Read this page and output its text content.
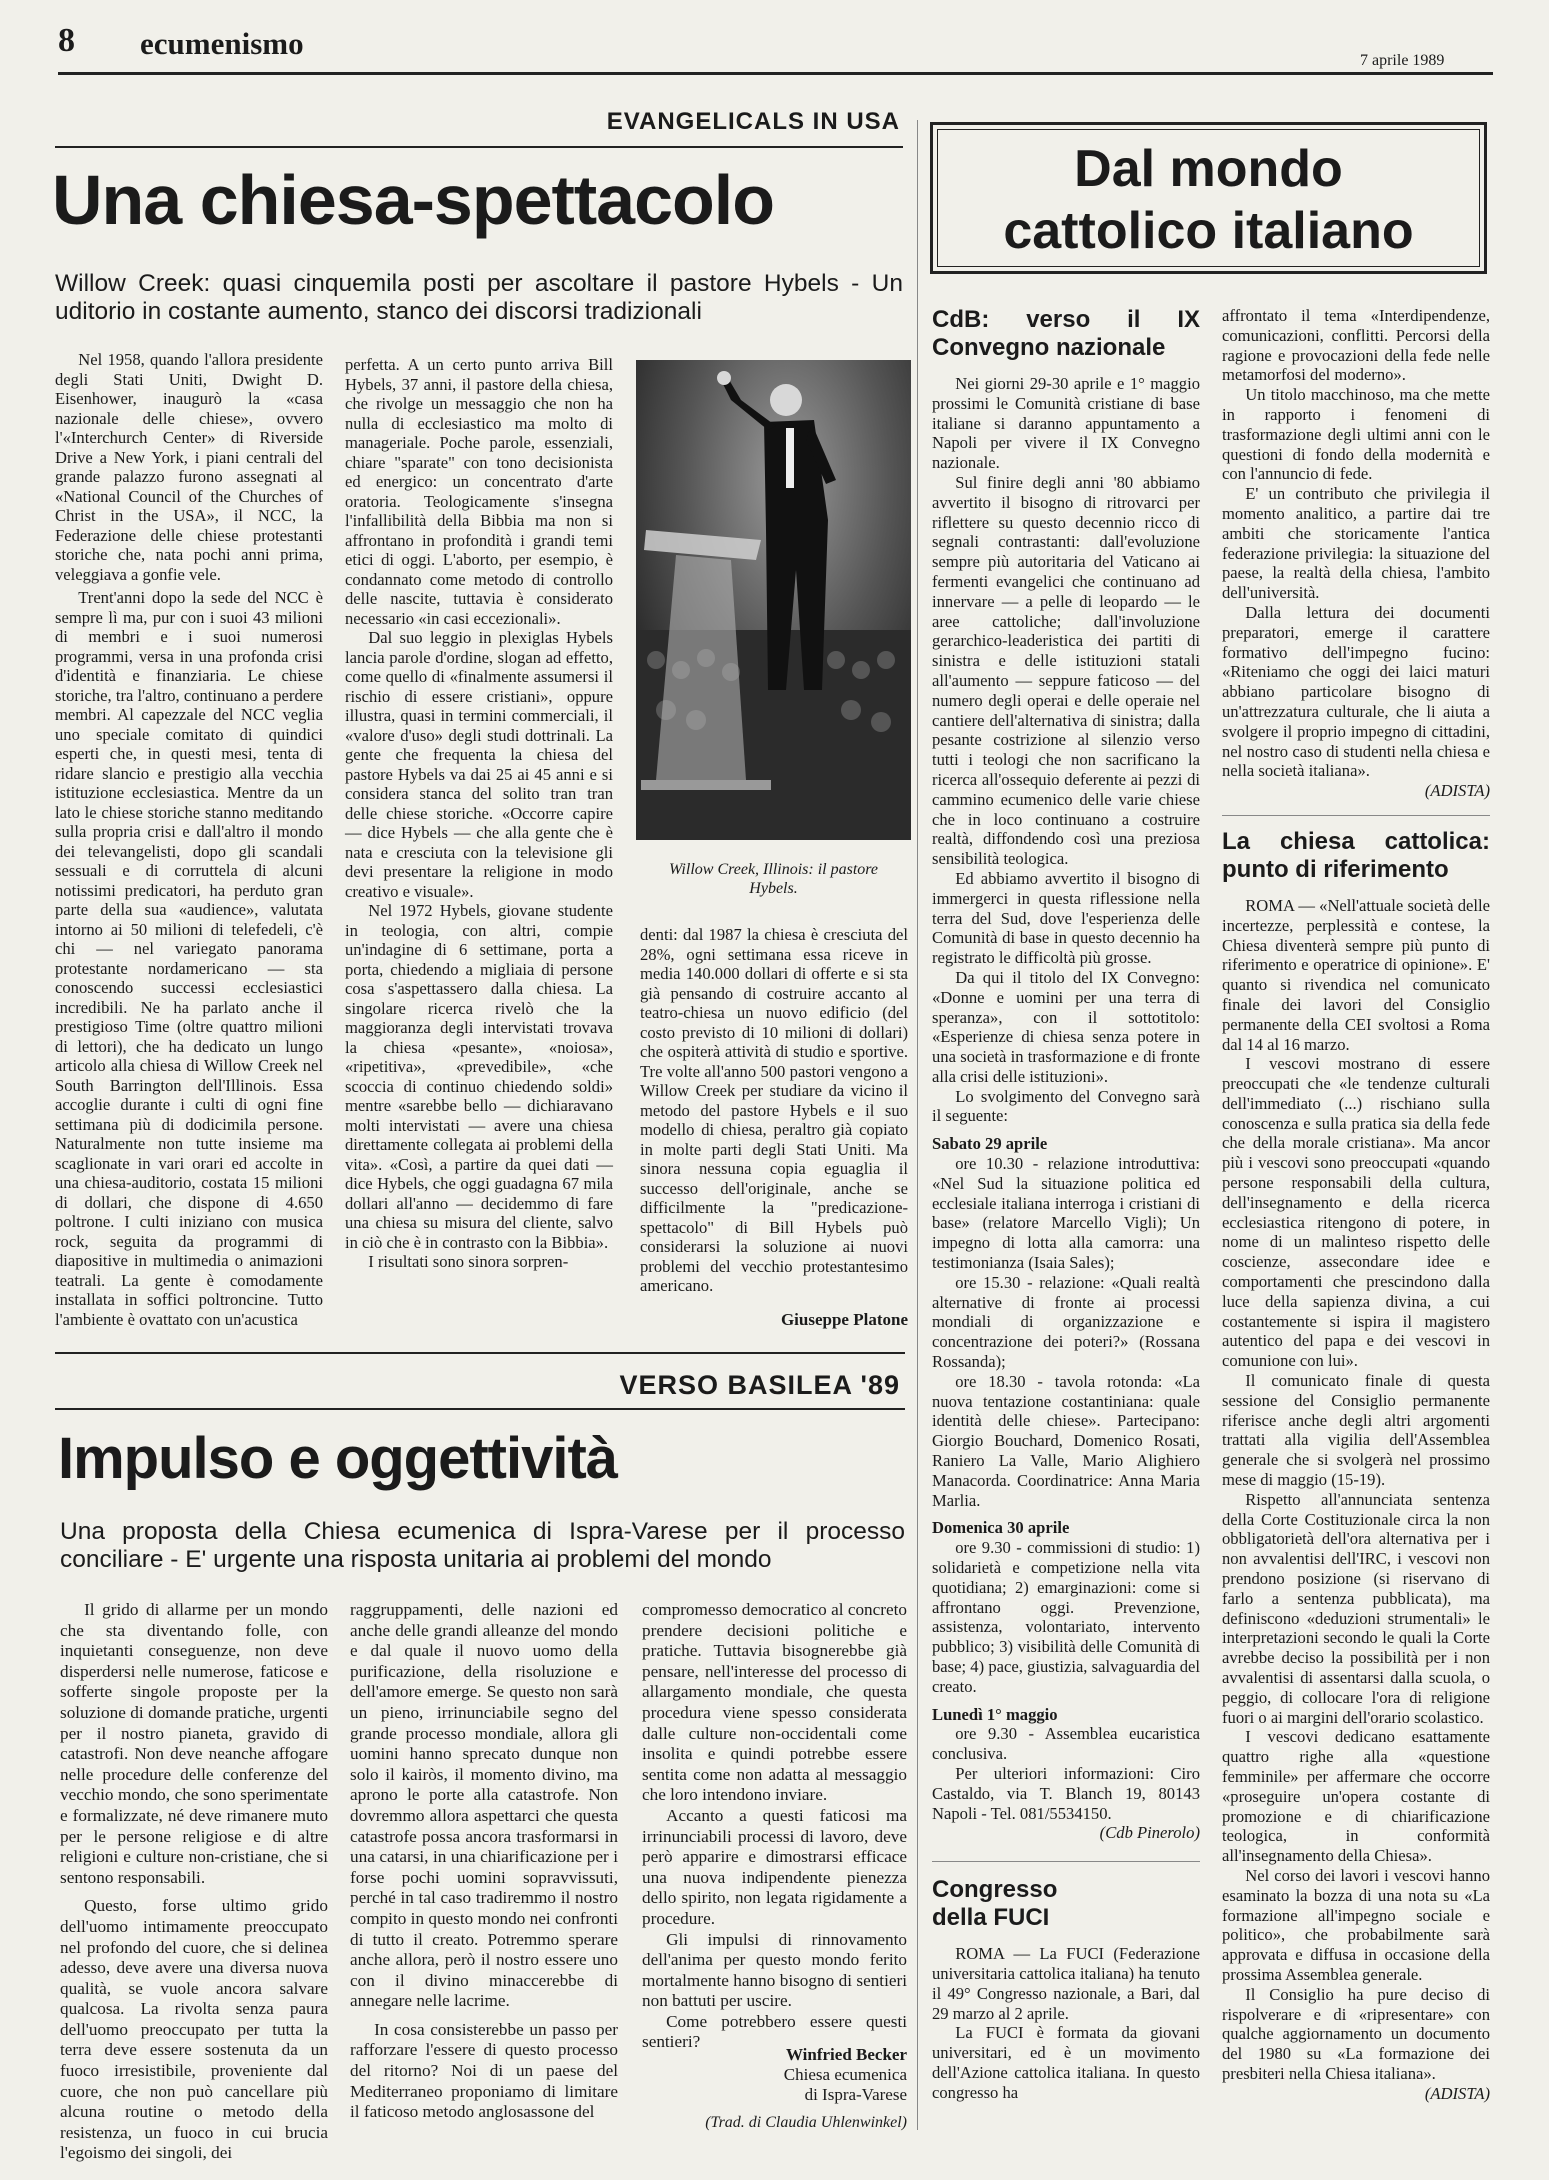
8 ecumenismo	7 aprile 1989
EVANGELICALS IN USA
Una chiesa-spettacolo
Willow Creek: quasi cinquemila posti per ascoltare il pastore Hybels - Un uditorio in costante aumento, stanco dei discorsi tradizionali

Nel 1958, quando l'allora presidente degli Stati Uniti, Dwight D. Eisenhower, inaugurò la «casa nazionale delle chiese», ovvero l'«Interchurch Center» di Riverside Drive a New York, i piani centrali del grande palazzo furono assegnati al «National Council of the Churches of Christ in the USA», il NCC, la Federazione delle chiese protestanti storiche che, nata pochi anni prima, veleggiava a gonfie vele.

Trent'anni dopo la sede del NCC è sempre lì ma, pur con i suoi 43 milioni di membri e i suoi numerosi programmi, versa in una profonda crisi d'identità e finanziaria. Le chiese storiche, tra l'altro, continuano a perdere membri. Al capezzale del NCC veglia uno speciale comitato di quindici esperti che, in questi mesi, tenta di ridare slancio e prestigio alla vecchia istituzione ecclesiastica. Mentre da un lato le chiese storiche stanno meditando sulla propria crisi e dall'altro il mondo dei televangelisti, dopo gli scandali sessuali e di corruttela di alcuni notissimi predicatori, ha perduto gran parte della sua «audience», valutata intorno ai 50 milioni di telefedeli, c'è chi — nel variegato panorama protestante nordamericano — sta conoscendo successi ecclesiastici incredibili. Ne ha parlato anche il prestigioso Time (oltre quattro milioni di lettori), che ha dedicato un lungo articolo alla chiesa di Willow Creek nel South Barrington dell'Illinois. Essa accoglie durante i culti di ogni fine settimana più di dodicimila persone. Naturalmente non tutte insieme ma scaglionate in vari orari ed accolte in una chiesa-auditorio, costata 15 milioni di dollari, che dispone di 4.650 poltrone. I culti iniziano con musica rock, seguita da programmi di diapositive in multimedia o animazioni teatrali. La gente è comodamente installata in soffici poltroncine. Tutto l'ambiente è ovattato con un'acustica

perfetta. A un certo punto arriva Bill Hybels, 37 anni, il pastore della chiesa, che rivolge un messaggio che non ha nulla di ecclesiastico ma molto di manageriale. Poche parole, essenziali, chiare "sparate" con tono decisionista ed energico: un concentrato d'arte oratoria. Teologicamente s'insegna l'infallibilità della Bibbia ma non si affrontano in profondità i grandi temi etici di oggi. L'aborto, per esempio, è condannato come metodo di controllo delle nascite, tuttavia è considerato necessario «in casi eccezionali».

Dal suo leggio in plexiglas Hybels lancia parole d'ordine, slogan ad effetto, come quello di «finalmente assumersi il rischio di essere cristiani», oppure illustra, quasi in termini commerciali, il «valore d'uso» degli studi dottrinali. La gente che frequenta la chiesa del pastore Hybels va dai 25 ai 45 anni e si considera stanca del solito tran tran delle chiese storiche. «Occorre capire — dice Hybels — che alla gente che è nata e cresciuta con la televisione gli devi presentare la religione in modo creativo e visuale».

Nel 1972 Hybels, giovane studente in teologia, con altri, compie un'indagine di 6 settimane, porta a porta, chiedendo a migliaia di persone cosa s'aspettassero dalla chiesa. La singolare ricerca rivelò che la maggioranza degli intervistati trovava la chiesa «pesante», «noiosa», «ripetitiva», «prevedibile», «che scoccia di continuo chiedendo soldi» mentre «sarebbe bello — dichiaravano molti intervistati — avere una chiesa direttamente collegata ai problemi della vita». «Così, a partire da quei dati — dice Hybels, che oggi guadagna 67 mila dollari all'anno — decidemmo di fare una chiesa su misura del cliente, salvo in ciò che è in contrasto con la Bibbia».

I risultati sono sinora sorpren-

Willow Creek, Illinois: il pastore Hybels.

denti: dal 1987 la chiesa è cresciuta del 28%, ogni settimana essa riceve in media 140.000 dollari di offerte e si sta già pensando di costruire accanto al teatro-chiesa un nuovo edificio (del costo previsto di 10 milioni di dollari) che ospiterà attività di studio e sportive. Tre volte all'anno 500 pastori vengono a Willow Creek per studiare da vicino il metodo del pastore Hybels e il suo modello di chiesa, peraltro già copiato in molte parti degli Stati Uniti. Ma sinora nessuna copia eguaglia il successo dell'originale, anche se difficilmente la "predicazione-spettacolo" di Bill Hybels può considerarsi la soluzione ai nuovi problemi del vecchio protestantesimo americano.

Giuseppe Platone
VERSO BASILEA '89
Impulso e oggettività
Una proposta della Chiesa ecumenica di Ispra-Varese per il processo conciliare - E' urgente una risposta unitaria ai problemi del mondo

Il grido di allarme per un mondo che sta diventando folle, con inquietanti conseguenze, non deve disperdersi nelle numerose, faticose e sofferte singole proposte per la soluzione di domande pratiche, urgenti per il nostro pianeta, gravido di catastrofi. Non deve neanche affogare nelle procedure delle conferenze del vecchio mondo, che sono sperimentate e formalizzate, né deve rimanere muto per le persone religiose e di altre religioni e culture non-cristiane, che si sentono responsabili.

Questo, forse ultimo grido dell'uomo intimamente preoccupato nel profondo del cuore, che si delinea adesso, deve avere una diversa nuova qualità, se vuole ancora salvare qualcosa. La rivolta senza paura dell'uomo preoccupato per tutta la terra deve essere sostenuta da un fuoco irresistibile, proveniente dal cuore, che non può cancellare più alcuna routine o metodo della resistenza, un fuoco in cui brucia l'egoismo dei singoli, dei

raggruppamenti, delle nazioni ed anche delle grandi alleanze del mondo e dal quale il nuovo uomo della purificazione, della risoluzione e dell'amore emerge. Se questo non sarà un pieno, irrinunciabile segno del grande processo mondiale, allora gli uomini hanno sprecato dunque non solo il kairòs, il momento divino, ma aprono le porte alla catastrofe. Non dovremmo allora aspettarci che questa catastrofe possa ancora trasformarsi in una catarsi, in una chiarificazione per i forse pochi uomini sopravvissuti, perché in tal caso tradiremmo il nostro compito in questo mondo nei confronti di tutto il creato. Potremmo sperare anche allora, però il nostro essere uno con il divino minaccerebbe di annegare nelle lacrime.

In cosa consisterebbe un passo per rafforzare l'essere di questo processo del ritorno? Noi di un paese del Mediterraneo proponiamo di limitare il faticoso metodo anglosassone del

compromesso democratico al concreto prendere decisioni politiche e pratiche. Tuttavia bisognerebbe già pensare, nell'interesse del processo di allargamento mondiale, che questa procedura viene spesso considerata dalle culture non-occidentali come insolita e quindi potrebbe essere sentita come non adatta al messaggio che loro intendono inviare.

Accanto a questi faticosi ma irrinunciabili processi di lavoro, deve però apparire e dimostrarsi efficace una nuova indipendente pienezza dello spirito, non legata rigidamente a procedure.

Gli impulsi di rinnovamento dell'anima per questo mondo ferito mortalmente hanno bisogno di sentieri non battuti per uscire.

Come potrebbero essere questi sentieri?

Winfried Becker
Chiesa ecumenica
di Ispra-Varese
(Trad. di Claudia Uhlenwinkel)
Dal mondo
cattolico italiano
CdB: verso il IX Convegno nazionale

Nei giorni 29-30 aprile e 1° maggio prossimi le Comunità cristiane di base italiane si daranno appuntamento a Napoli per vivere il IX Convegno nazionale.

Sul finire degli anni '80 abbiamo avvertito il bisogno di ritrovarci per riflettere su questo decennio ricco di segnali contrastanti: dall'evoluzione sempre più autoritaria del Vaticano ai fermenti evangelici che continuano ad innervare — a pelle di leopardo — le aree cattoliche; dall'involuzione gerarchico-leaderistica dei partiti di sinistra e delle istituzioni statali all'aumento — seppure faticoso — del numero degli operai e delle operaie nel cantiere dell'alternativa di sinistra; dalla pesante costrizione al silenzio verso tutti i teologi che non sacrificano la ricerca all'ossequio deferente ai pezzi di cammino ecumenico delle varie chiese che in loco continuano a costruire realtà, diffondendo così una preziosa sensibilità teologica.

Ed abbiamo avvertito il bisogno di immergerci in questa riflessione nella terra del Sud, dove l'esperienza delle Comunità di base in questo decennio ha registrato le difficoltà più grosse.

Da qui il titolo del IX Convegno: «Donne e uomini per una terra di speranza», con il sottotitolo: «Esperienze di chiesa senza potere in una società in trasformazione e di fronte alla crisi delle istituzioni».

Lo svolgimento del Convegno sarà il seguente:

Sabato 29 aprile

ore 10.30 - relazione introduttiva: «Nel Sud la situazione politica ed ecclesiale italiana interroga i cristiani di base» (relatore Marcello Vigli); Un impegno di lotta alla camorra: una testimonianza (Isaia Sales);

ore 15.30 - relazione: «Quali realtà alternative di fronte ai processi mondiali di organizzazione e concentrazione dei poteri?» (Rossana Rossanda);

ore 18.30 - tavola rotonda: «La nuova tentazione costantiniana: quale identità delle chiese». Partecipano: Giorgio Bouchard, Domenico Rosati, Raniero La Valle, Mario Alighiero Manacorda. Coordinatrice: Anna Maria Marlia.

Domenica 30 aprile

ore 9.30 - commissioni di studio: 1) solidarietà e competizione nella vita quotidiana; 2) emarginazioni: come si affrontano oggi. Prevenzione, assistenza, volontariato, intervento pubblico; 3) visibilità delle Comunità di base; 4) pace, giustizia, salvaguardia del creato.

Lunedì 1° maggio

ore 9.30 - Assemblea eucaristica conclusiva.

Per ulteriori informazioni: Ciro Castaldo, via T. Blanch 19, 80143 Napoli - Tel. 081/5534150.

(Cdb Pinerolo)
Congresso
della FUCI

ROMA — La FUCI (Federazione universitaria cattolica italiana) ha tenuto il 49° Congresso nazionale, a Bari, dal 29 marzo al 2 aprile.

La FUCI è formata da giovani universitari, ed è un movimento dell'Azione cattolica italiana. In questo congresso ha

affrontato il tema «Interdipendenze, comunicazioni, conflitti. Percorsi della ragione e provocazioni della fede nelle metamorfosi del moderno».

Un titolo macchinoso, ma che mette in rapporto i fenomeni di trasformazione degli ultimi anni con le questioni di fondo della modernità e con l'annuncio di fede.

E' un contributo che privilegia il momento analitico, a partire dai tre ambiti che storicamente l'antica federazione privilegia: la situazione del paese, la realtà della chiesa, l'ambito dell'università.

Dalla lettura dei documenti preparatori, emerge il carattere formativo dell'impegno fucino: «Riteniamo che oggi dei laici maturi abbiano particolare bisogno di un'attrezzatura culturale, che li aiuta a svolgere il proprio impegno di cittadini, nel nostro caso di studenti nella chiesa e nella società italiana».

(ADISTA)
La chiesa cattolica: punto di riferimento

ROMA — «Nell'attuale società delle incertezze, perplessità e contese, la Chiesa diventerà sempre più punto di riferimento e operatrice di opinione». E' quanto si rivendica nel comunicato finale dei lavori del Consiglio permanente della CEI svoltosi a Roma dal 14 al 16 marzo.

I vescovi mostrano di essere preoccupati che «le tendenze culturali dell'immediato (...) rischiano sulla conoscenza e sulla pratica sia della fede che della morale cristiana». Ma ancor più i vescovi sono preoccupati «quando persone responsabili della cultura, dell'insegnamento e della ricerca ecclesiastica ritengono di potere, in nome di un malinteso rispetto delle coscienze, assecondare idee e comportamenti che prescindono dalla luce della sapienza divina, a cui costantemente si ispira il magistero autentico del papa e dei vescovi in comunione con lui».

Il comunicato finale di questa sessione del Consiglio permanente riferisce anche degli altri argomenti trattati alla vigilia dell'Assemblea generale che si svolgerà nel prossimo mese di maggio (15-19).

Rispetto all'annunciata sentenza della Corte Costituzionale circa la non obbligatorietà dell'ora alternativa per i non avvalentisi dell'IRC, i vescovi non prendono posizione (si riservano di farlo a sentenza pubblicata), ma definiscono «deduzioni strumentali» le interpretazioni secondo le quali la Corte avrebbe deciso la possibilità per i non avvalentisi di assentarsi dalla scuola, o peggio, di collocare l'ora di religione fuori o ai margini dell'orario scolastico.

I vescovi dedicano esattamente quattro righe alla «questione femminile» per affermare che occorre «proseguire un'opera costante di promozione e di chiarificazione teologica, in conformità all'insegnamento della Chiesa».

Nel corso dei lavori i vescovi hanno esaminato la bozza di una nota su «La formazione all'impegno sociale e politico», che probabilmente sarà approvata e diffusa in occasione della prossima Assemblea generale.

Il Consiglio ha pure deciso di rispolverare e di «ripresentare» con qualche aggiornamento un documento del 1980 su «La formazione dei presbiteri nella Chiesa italiana».

(ADISTA)
